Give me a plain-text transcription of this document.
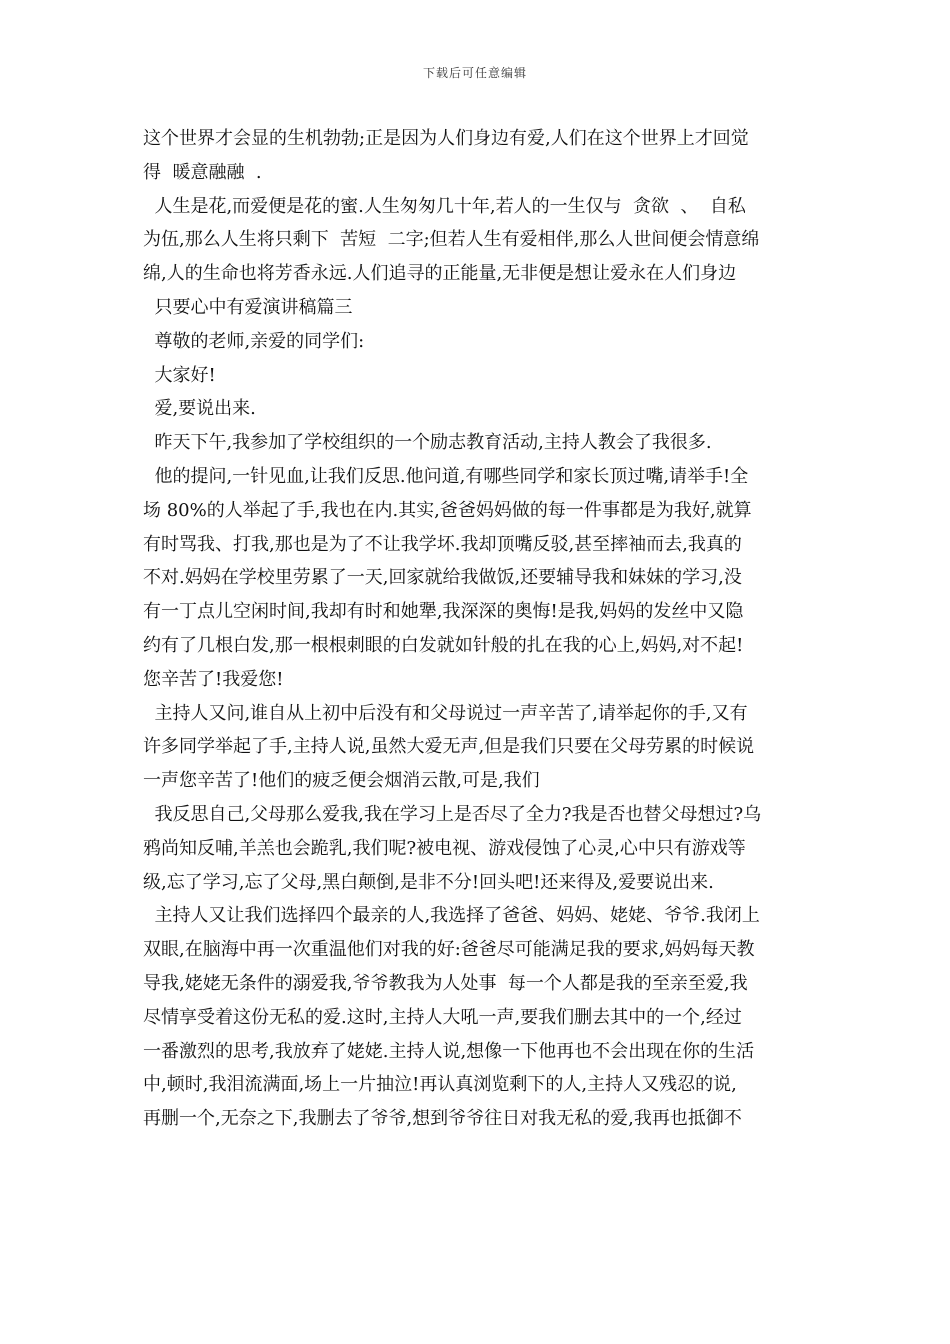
下载后可任意编辑
这个世界才会显的生机勃勃;正是因为人们身边有爱,人们在这个世界上才回觉
得  暖意融融  .
人生是花,而爱便是花的蜜.人生匆匆几十年,若人的一生仅与  贪欲  、  自私
为伍,那么人生将只剩下  苦短  二字;但若人生有爱相伴,那么人世间便会情意绵
绵,人的生命也将芳香永远.人们追寻的正能量,无非便是想让爱永在人们身边
只要心中有爱演讲稿篇三
尊敬的老师,亲爱的同学们:
大家好!
爱,要说出来.
昨天下午,我参加了学校组织的一个励志教育活动,主持人教会了我很多.
他的提问,一针见血,让我们反思.他问道,有哪些同学和家长顶过嘴,请举手!全
场 80%的人举起了手,我也在内.其实,爸爸妈妈做的每一件事都是为我好,就算
有时骂我、打我,那也是为了不让我学坏.我却顶嘴反驳,甚至摔袖而去,我真的
不对.妈妈在学校里劳累了一天,回家就给我做饭,还要辅导我和妹妹的学习,没
有一丁点儿空闲时间,我却有时和她犟,我深深的奥悔!是我,妈妈的发丝中又隐
约有了几根白发,那一根根刺眼的白发就如针般的扎在我的心上,妈妈,对不起!
您辛苦了!我爱您!
主持人又问,谁自从上初中后没有和父母说过一声辛苦了,请举起你的手,又有
许多同学举起了手,主持人说,虽然大爱无声,但是我们只要在父母劳累的时候说
一声您辛苦了!他们的疲乏便会烟消云散,可是,我们
我反思自己,父母那么爱我,我在学习上是否尽了全力?我是否也替父母想过?乌
鸦尚知反哺,羊羔也会跪乳,我们呢?被电视、游戏侵蚀了心灵,心中只有游戏等
级,忘了学习,忘了父母,黑白颠倒,是非不分!回头吧!还来得及,爱要说出来.
主持人又让我们选择四个最亲的人,我选择了爸爸、妈妈、姥姥、爷爷.我闭上
双眼,在脑海中再一次重温他们对我的好:爸爸尽可能满足我的要求,妈妈每天教
导我,姥姥无条件的溺爱我,爷爷教我为人处事  每一个人都是我的至亲至爱,我
尽情享受着这份无私的爱.这时,主持人大吼一声,要我们删去其中的一个,经过
一番激烈的思考,我放弃了姥姥.主持人说,想像一下他再也不会出现在你的生活
中,顿时,我泪流满面,场上一片抽泣!再认真浏览剩下的人,主持人又残忍的说,
再删一个,无奈之下,我删去了爷爷,想到爷爷往日对我无私的爱,我再也抵御不
